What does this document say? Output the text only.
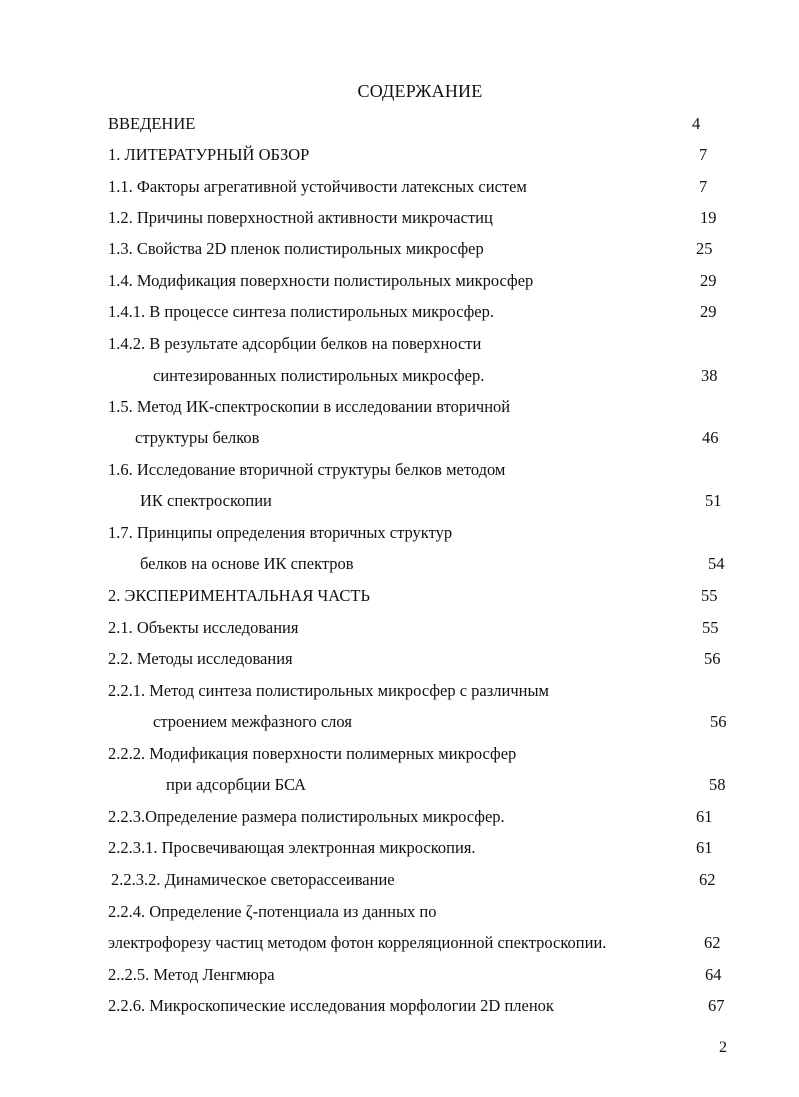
СОДЕРЖАНИЕ
ВВЕДЕНИЕ	4
1. ЛИТЕРАТУРНЫЙ ОБЗОР	7
1.1. Факторы агрегативной устойчивости латексных систем	7
1.2. Причины поверхностной активности микрочастиц	19
1.3. Свойства 2D пленок полистирольных микросфер	25
1.4. Модификация поверхности полистирольных микросфер	29
1.4.1. В процессе синтеза полистирольных микросфер.	29
1.4.2. В результате адсорбции белков на поверхности
синтезированных полистирольных микросфер.	38
1.5. Метод ИК-спектроскопии в исследовании вторичной
структуры белков	46
1.6. Исследование вторичной структуры белков методом
ИК спектроскопии	51
1.7. Принципы определения вторичных структур
белков на основе ИК спектров	54
2. ЭКСПЕРИМЕНТАЛЬНАЯ ЧАСТЬ	55
2.1. Объекты исследования	55
2.2. Методы исследования	56
2.2.1. Метод синтеза полистирольных микросфер с различным
строением межфазного слоя	56
2.2.2. Модификация поверхности полимерных микросфер
при адсорбции БСА	58
2.2.3.Определение размера полистирольных микросфер.	61
2.2.3.1. Просвечивающая электронная микроскопия.	61
2.2.3.2. Динамическое светорассеивание	62
2.2.4. Определение ζ-потенциала из данных по
электрофорезу частиц методом фотон корреляционной спектроскопии.	62
2..2.5. Метод Ленгмюра	64
2.2.6. Микроскопические исследования морфологии 2D пленок	67
2
